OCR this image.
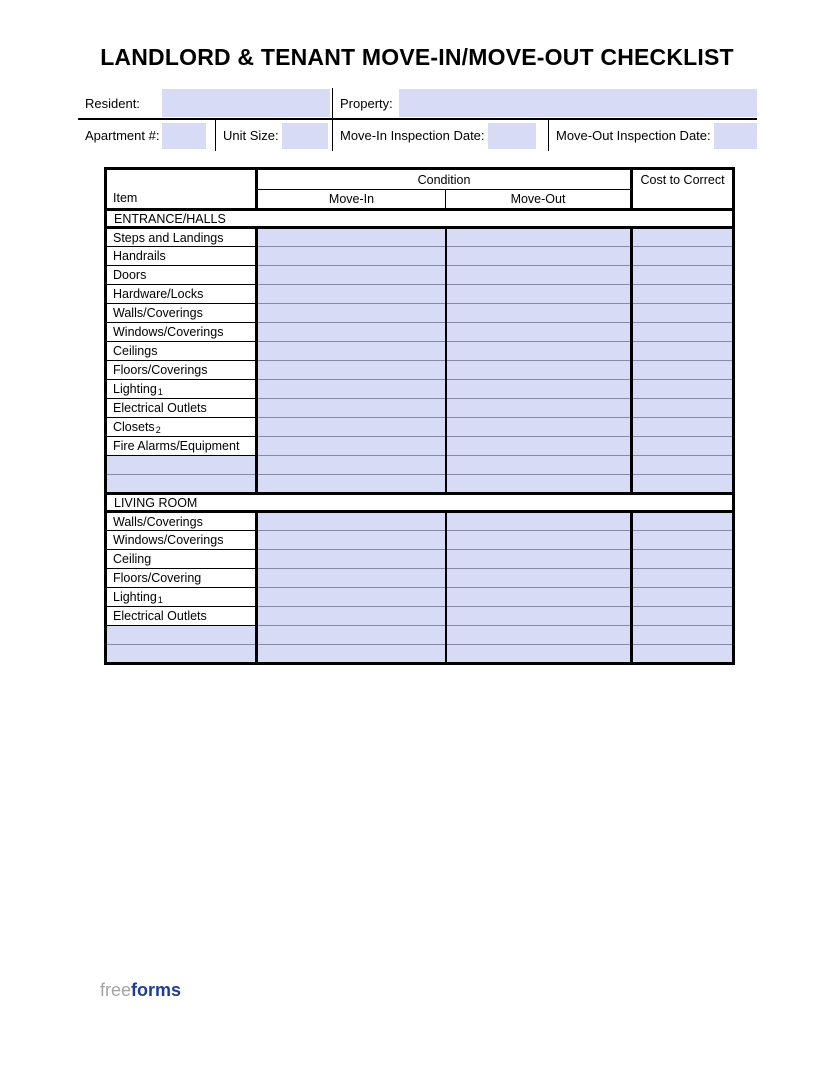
LANDLORD & TENANT MOVE-IN/MOVE-OUT CHECKLIST
Resident:	Property:
Apartment #:	Unit Size:	Move-In Inspection Date:	Move-Out Inspection Date:
Item	Condition		Cost to Correct
	Move-In	Move-Out	
ENTRANCE/HALLS			
Steps and Landings			
Handrails			
Doors			
Hardware/Locks			
Walls/Coverings			
Windows/Coverings			
Ceilings			
Floors/Coverings			
Lighting1			
Electrical Outlets			
Closets2			
Fire Alarms/Equipment			

LIVING ROOM			
Walls/Coverings			
Windows/Coverings			
Ceiling			
Floors/Covering			
Lighting1			
Electrical Outlets			

freeforms
